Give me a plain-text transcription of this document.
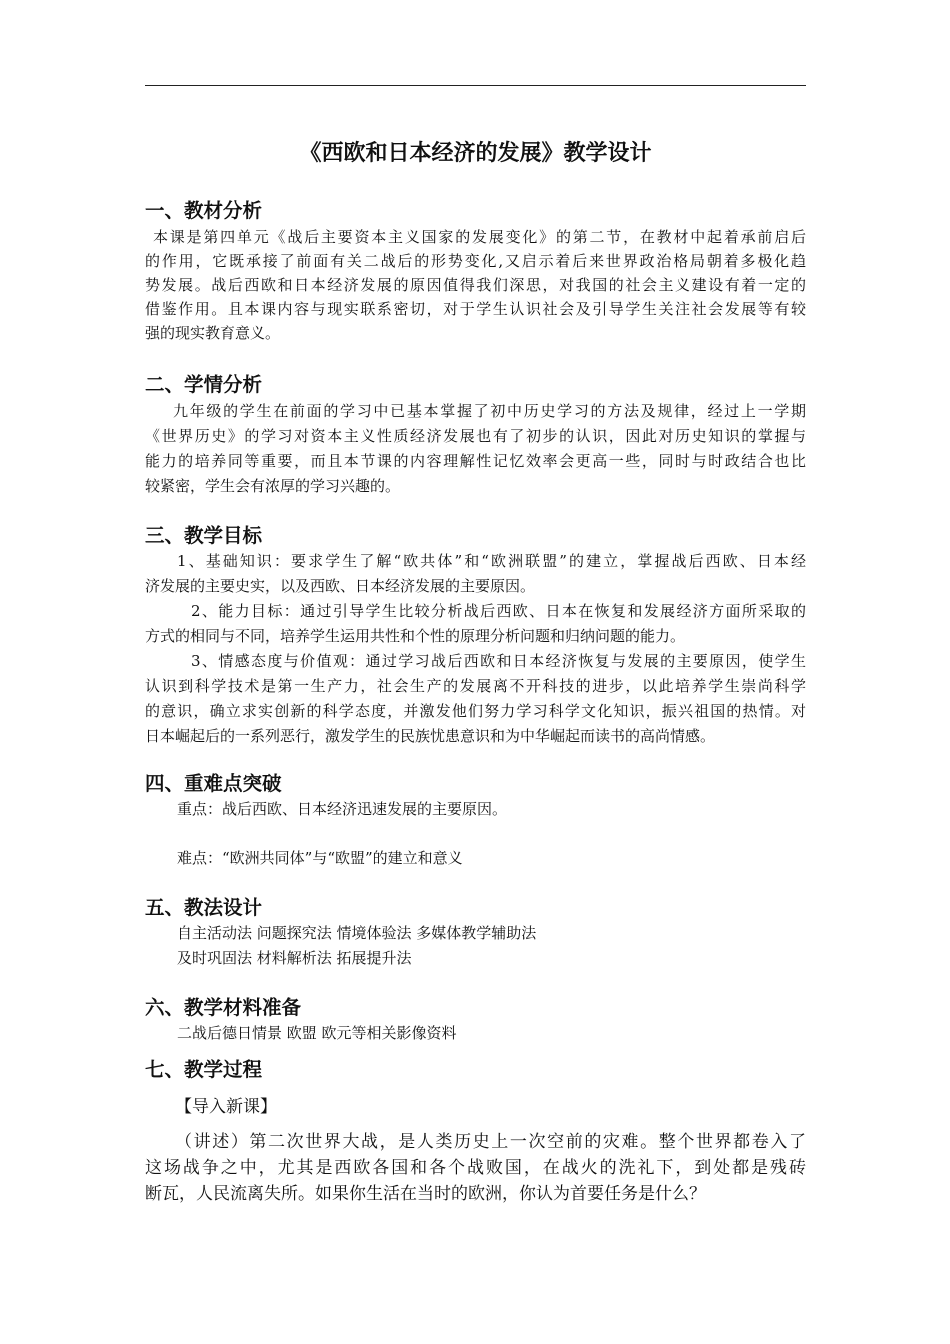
《西欧和日本经济的发展》教学设计
一、教材分析
本课是第四单元《战后主要资本主义国家的发展变化》的第二节，在教材中起着承前启后
的作用，它既承接了前面有关二战后的形势变化,又启示着后来世界政治格局朝着多极化趋
势发展。战后西欧和日本经济发展的原因值得我们深思，对我国的社会主义建设有着一定的
借鉴作用。且本课内容与现实联系密切，对于学生认识社会及引导学生关注社会发展等有较
强的现实教育意义。
二、学情分析
九年级的学生在前面的学习中已基本掌握了初中历史学习的方法及规律，经过上一学期
《世界历史》的学习对资本主义性质经济发展也有了初步的认识，因此对历史知识的掌握与
能力的培养同等重要，而且本节课的内容理解性记忆效率会更高一些，同时与时政结合也比
较紧密，学生会有浓厚的学习兴趣的。
三、教学目标
1、基础知识：要求学生了解“欧共体”和“欧洲联盟”的建立，掌握战后西欧、日本经
济发展的主要史实，以及西欧、日本经济发展的主要原因。
2、能力目标：通过引导学生比较分析战后西欧、日本在恢复和发展经济方面所采取的
方式的相同与不同，培养学生运用共性和个性的原理分析问题和归纳问题的能力。
3、情感态度与价值观：通过学习战后西欧和日本经济恢复与发展的主要原因，使学生
认识到科学技术是第一生产力，社会生产的发展离不开科技的进步，以此培养学生崇尚科学
的意识，确立求实创新的科学态度，并激发他们努力学习科学文化知识，振兴祖国的热情。对
日本崛起后的一系列恶行，激发学生的民族忧患意识和为中华崛起而读书的高尚情感。
四、重难点突破
重点：战后西欧、日本经济迅速发展的主要原因。
难点：“欧洲共同体”与“欧盟”的建立和意义
五、教法设计
自主活动法 问题探究法 情境体验法 多媒体教学辅助法
及时巩固法 材料解析法 拓展提升法
六、教学材料准备
二战后德日情景 欧盟 欧元等相关影像资料
七、教学过程
【导入新课】
（讲述）第二次世界大战，是人类历史上一次空前的灾难。整个世界都卷入了
这场战争之中，尤其是西欧各国和各个战败国，在战火的洗礼下，到处都是残砖
断瓦，人民流离失所。如果你生活在当时的欧洲，你认为首要任务是什么？
